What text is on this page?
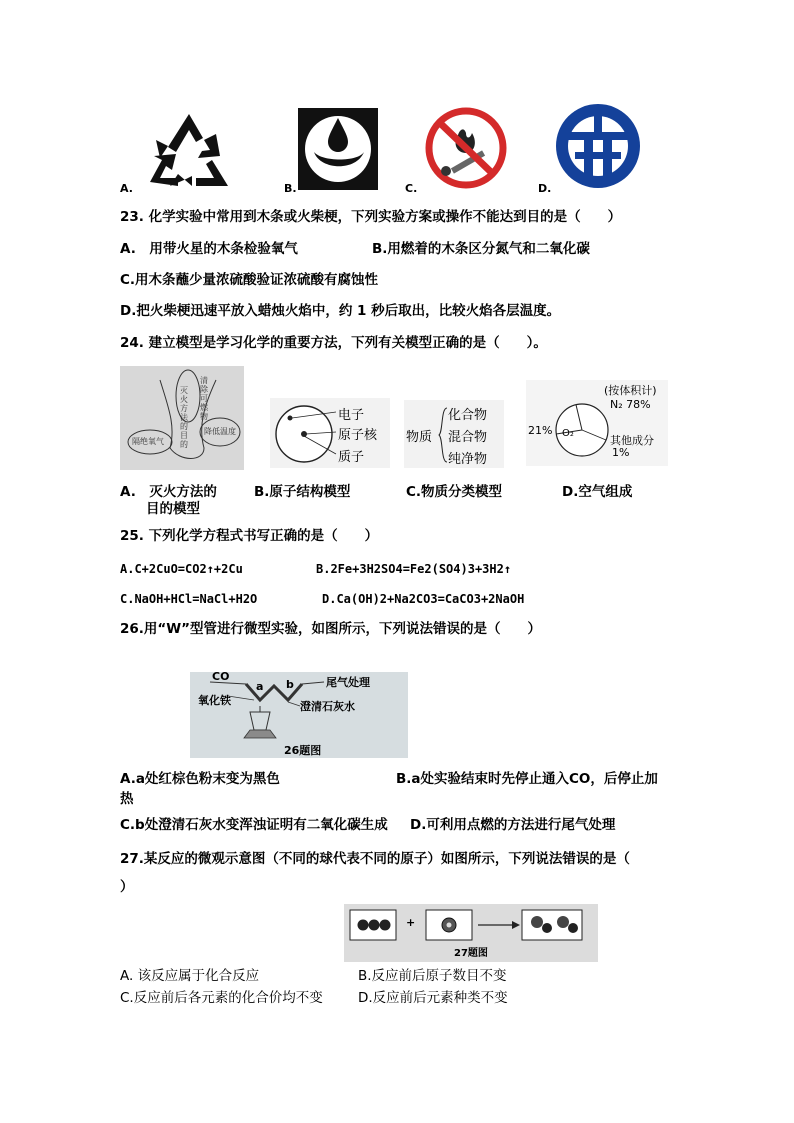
A.	B.	C.	D.
23. 化学实验中常用到木条或火柴梗，下列实验方案或操作不能达到目的是（　　）
A.　用带火星的木条检验氧气	B.用燃着的木条区分氮气和二氧化碳
C.用木条蘸少量浓硫酸验证浓硫酸有腐蚀性
D.把火柴梗迅速平放入蜡烛火焰中，约 1 秒后取出，比较火焰各层温度。
24. 建立模型是学习化学的重要方法，下列有关模型正确的是（　　）。
灭火方法的目的
隔绝氧气
降低温度
清除可燃物	电子
原子核
质子
物质
化合物
混合物
纯净物
(按体积计)
N₂ 78%
21% O₂
其他成分
1%
A.　灭火方法的
目的模型
B.原子结构模型	C.物质分类模型	D.空气组成
25. 下列化学方程式书写正确的是（　　）
A.C+2CuO=CO2↑+2Cu	B.2Fe+3H2SO4=Fe2(SO4)3+3H2↑
C.NaOH+HCl=NaCl+H2O	D.Ca(OH)2+Na2CO3=CaCO3+2NaOH
26.用“W”型管进行微型实验，如图所示，下列说法错误的是（　　）
CO
a b	尾气处理
氧化铁	澄清石灰水
26题图
A.a处红棕色粉末变为黑色	B.a处实验结束时先停止通入CO，后停止加
热
C.b处澄清石灰水变浑浊证明有二氧化碳生成 D.可利用点燃的方法进行尾气处理
27.某反应的微观示意图（不同的球代表不同的原子）如图所示，下列说法错误的是（
）
+
27题图
A. 该反应属于化合反应	B.反应前后原子数目不变
C.反应前后各元素的化合价均不变	D.反应前后元素种类不变
